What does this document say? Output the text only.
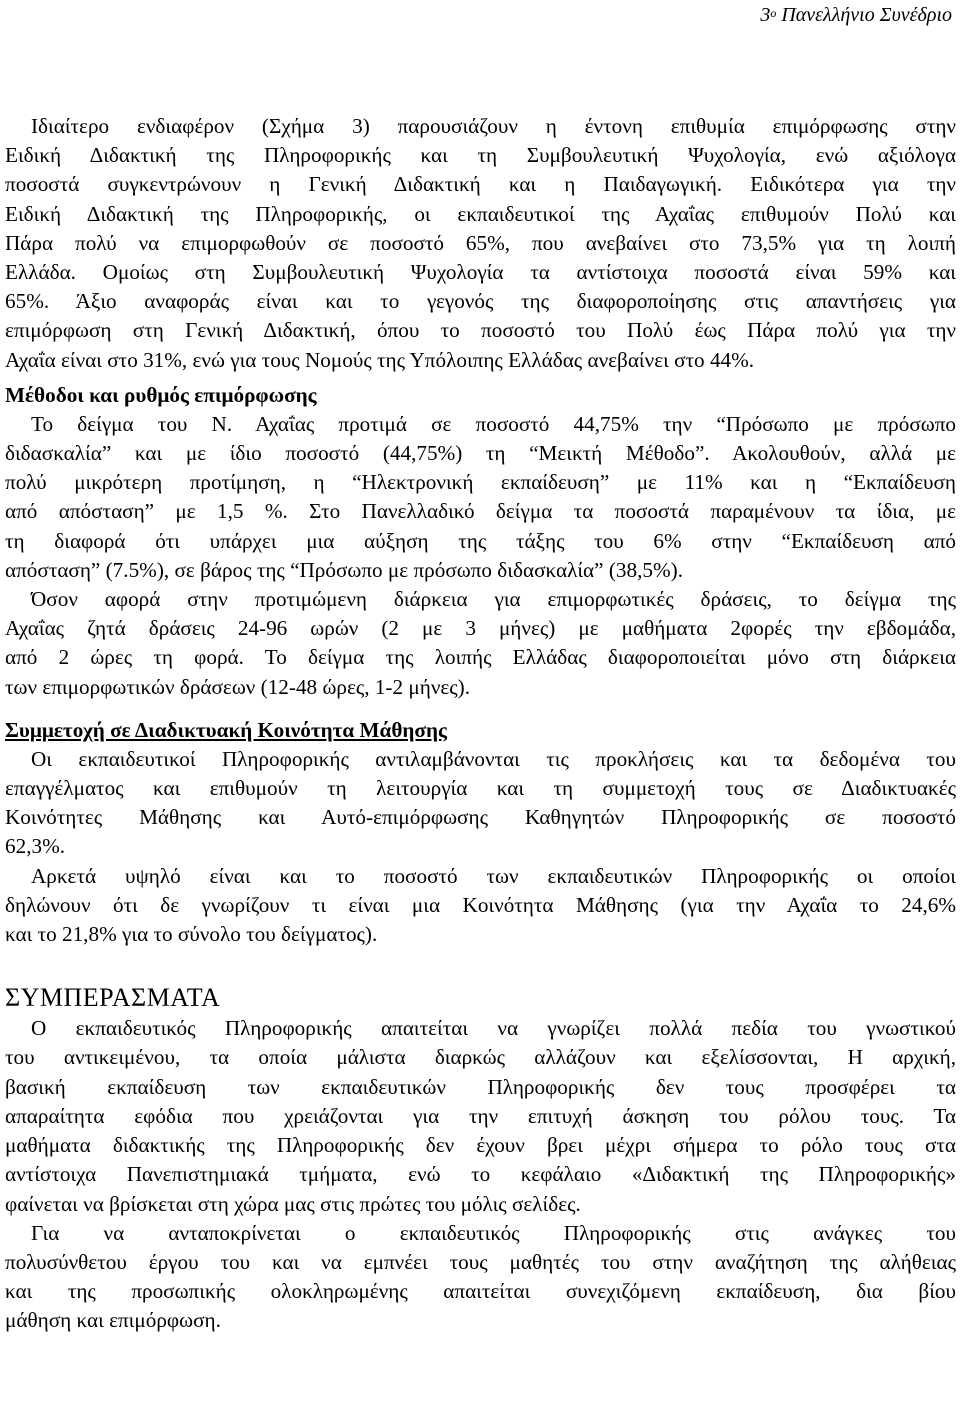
$3^o$ Πανελλήνιο Συνέδριο
Ιδιαίτερο ενδιαφέρον (Σχήμα 3) παρουσιάζουν η έντονη επιθυμία επιμόρφωσης στην
Ειδική Διδακτική της Πληροφορικής και τη Συμβουλευτική Ψυχολογία, ενώ αξιόλογα
ποσοστά συγκεντρώνουν η Γενική Διδακτική και η Παιδαγωγική. Ειδικότερα για την
Ειδική Διδακτική της Πληροφορικής, οι εκπαιδευτικοί της Αχαΐας επιθυμούν Πολύ και
Πάρα πολύ να επιμορφωθούν σε ποσοστό 65%, που ανεβαίνει στο 73,5% για τη λοιπή
Ελλάδα. Ομοίως στη Συμβουλευτική Ψυχολογία τα αντίστοιχα ποσοστά είναι 59% και
65%. Άξιο αναφοράς είναι και το γεγονός της διαφοροποίησης στις απαντήσεις για
επιμόρφωση στη Γενική Διδακτική, όπου το ποσοστό του Πολύ έως Πάρα πολύ για την
Αχαΐα είναι στο 31%, ενώ για τους Νομούς της Υπόλοιπης Ελλάδας ανεβαίνει στο 44%.
Μέθοδοι και ρυθμός επιμόρφωσης
Το δείγμα του Ν. Αχαΐας προτιμά σε ποσοστό 44,75% την “Πρόσωπο με πρόσωπο
διδασκαλία” και με ίδιο ποσοστό (44,75%) τη “Μεικτή Μέθοδο”. Ακολουθούν, αλλά με
πολύ μικρότερη προτίμηση, η “Ηλεκτρονική εκπαίδευση” με 11% και η “Εκπαίδευση
από απόσταση” με 1,5 %. Στο Πανελλαδικό δείγμα τα ποσοστά παραμένουν τα ίδια, με
τη διαφορά ότι υπάρχει μια αύξηση της τάξης του 6% στην “Εκπαίδευση από
απόσταση” (7.5%), σε βάρος της “Πρόσωπο με πρόσωπο διδασκαλία” (38,5%).
Όσον αφορά στην προτιμώμενη διάρκεια για επιμορφωτικές δράσεις, το δείγμα της
Αχαΐας ζητά δράσεις 24-96 ωρών (2 με 3 μήνες) με μαθήματα 2φορές την εβδομάδα,
από 2 ώρες τη φορά. Το δείγμα της λοιπής Ελλάδας διαφοροποιείται μόνο στη διάρκεια
των επιμορφωτικών δράσεων (12-48 ώρες, 1-2 μήνες).
Συμμετοχή σε Διαδικτυακή Κοινότητα Μάθησης
Οι εκπαιδευτικοί Πληροφορικής αντιλαμβάνονται τις προκλήσεις και τα δεδομένα του
επαγγέλματος και επιθυμούν τη λειτουργία και τη συμμετοχή τους σε Διαδικτυακές
Κοινότητες Μάθησης και Αυτό-επιμόρφωσης Καθηγητών Πληροφορικής σε ποσοστό
62,3%.
Αρκετά υψηλό είναι και το ποσοστό των εκπαιδευτικών Πληροφορικής οι οποίοι
δηλώνουν ότι δε γνωρίζουν τι είναι μια Κοινότητα Μάθησης (για την Αχαΐα το 24,6%
και το 21,8% για το σύνολο του δείγματος).
ΣΥΜΠΕΡΑΣΜΑΤΑ
Ο εκπαιδευτικός Πληροφορικής απαιτείται να γνωρίζει πολλά πεδία του γνωστικού
του αντικειμένου, τα οποία μάλιστα διαρκώς αλλάζουν και εξελίσσονται, Η αρχική,
βασική εκπαίδευση των εκπαιδευτικών Πληροφορικής δεν τους προσφέρει τα
απαραίτητα εφόδια που χρειάζονται για την επιτυχή άσκηση του ρόλου τους. Τα
μαθήματα διδακτικής της Πληροφορικής δεν έχουν βρει μέχρι σήμερα το ρόλο τους στα
αντίστοιχα Πανεπιστημιακά τμήματα, ενώ το κεφάλαιο «Διδακτική της Πληροφορικής»
φαίνεται να βρίσκεται στη χώρα μας στις πρώτες του μόλις σελίδες.
Για να ανταποκρίνεται ο εκπαιδευτικός Πληροφορικής στις ανάγκες του
πολυσύνθετου έργου του και να εμπνέει τους μαθητές του στην αναζήτηση της αλήθειας
και της προσωπικής ολοκληρωμένης απαιτείται συνεχιζόμενη εκπαίδευση, δια βίου
μάθηση και επιμόρφωση.
